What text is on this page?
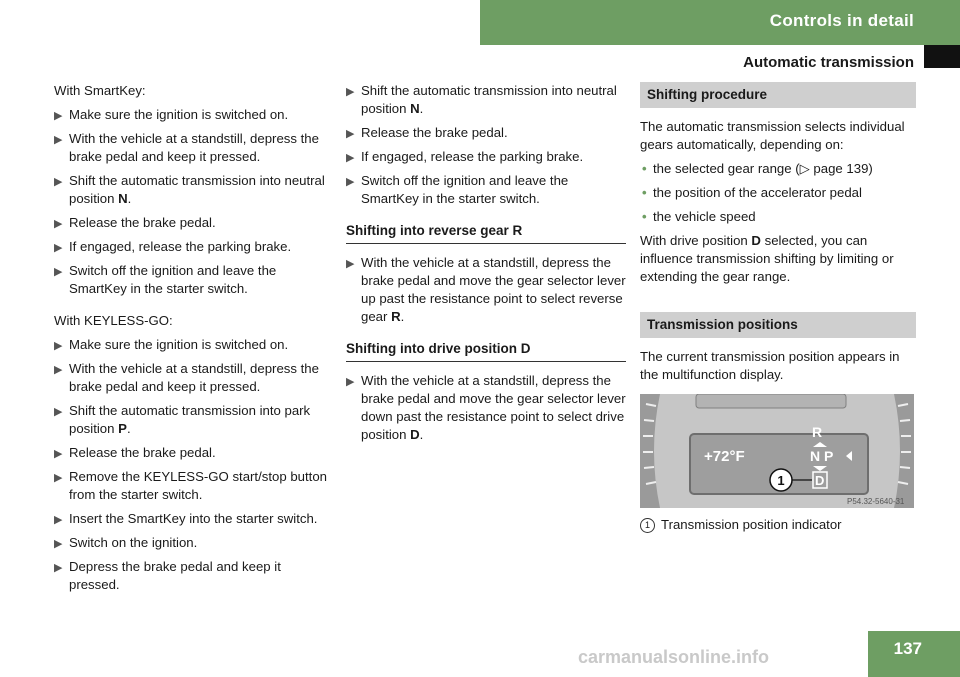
Controls in detail
Automatic transmission

With SmartKey:

▶ Make sure the ignition is switched on.
▶ With the vehicle at a standstill, depress the brake pedal and keep it pressed.
▶ Shift the automatic transmission into neutral position N.
▶ Release the brake pedal.
▶ If engaged, release the parking brake.
▶ Switch off the ignition and leave the SmartKey in the starter switch.

With KEYLESS-GO:

▶ Make sure the ignition is switched on.
▶ With the vehicle at a standstill, depress the brake pedal and keep it pressed.
▶ Shift the automatic transmission into park position P.
▶ Release the brake pedal.
▶ Remove the KEYLESS-GO start/stop button from the starter switch.
▶ Insert the SmartKey into the starter switch.
▶ Switch on the ignition.
▶ Depress the brake pedal and keep it pressed.
▶ Shift the automatic transmission into neutral position N.
▶ Release the brake pedal.
▶ If engaged, release the parking brake.
▶ Switch off the ignition and leave the SmartKey in the starter switch.
Shifting into reverse gear R
▶ With the vehicle at a standstill, depress the brake pedal and move the gear selector lever up past the resistance point to select reverse gear R.
Shifting into drive position D
▶ With the vehicle at a standstill, depress the brake pedal and move the gear selector lever down past the resistance point to select drive position D.
Shifting procedure

The automatic transmission selects individual gears automatically, depending on:

• the selected gear range (▷ page 139)
• the position of the accelerator pedal
• the vehicle speed

With drive position D selected, you can influence transmission shifting by limiting or extending the gear range.

Transmission positions

The current transmission position appears in the multifunction display.

+72°F
R
N P
D
1
P54.32-5640-31

1 Transmission position indicator

137
carmanualsonline.info
